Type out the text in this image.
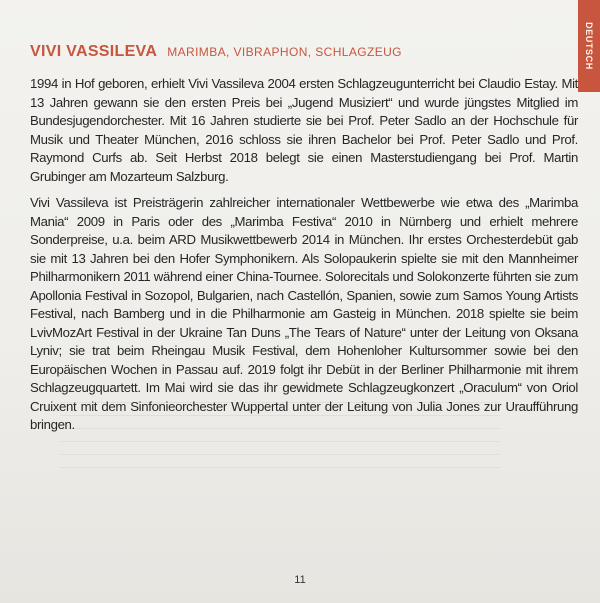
DEUTSCH
VIVI VASSILEVA MARIMBA, VIBRAPHON, SCHLAGZEUG

1994 in Hof geboren, erhielt Vivi Vassileva 2004 ersten Schlagzeugunterricht bei Claudio Estay. Mit 13 Jahren gewann sie den ersten Preis bei „Jugend Musiziert“ und wurde jüngstes Mitglied im Bundesjugendorchester. Mit 16 Jahren studierte sie bei Prof. Peter Sadlo an der Hochschule für Musik und Theater München, 2016 schloss sie ihren Bachelor bei Prof. Peter Sadlo und Prof. Raymond Curfs ab. Seit Herbst 2018 belegt sie einen Masterstudiengang bei Prof. Martin Grubinger am Mozarteum Salzburg.

Vivi Vassileva ist Preisträgerin zahlreicher internationaler Wettbewerbe wie etwa des „Marimba Mania“ 2009 in Paris oder des „Marimba Festiva“ 2010 in Nürnberg und erhielt mehrere Sonderpreise, u.a. beim ARD Musikwettbewerb 2014 in München. Ihr erstes Orchesterdebüt gab sie mit 13 Jahren bei den Hofer Symphonikern. Als Solopaukerin spielte sie mit den Mannheimer Philharmonikern 2011 während einer China-Tournee. Solorecitals und Solokonzerte führten sie zum Apollonia Festival in Sozopol, Bulgarien, nach Castellón, Spanien, sowie zum Samos Young Artists Festival, nach Bamberg und in die Philharmonie am Gasteig in München. 2018 spielte sie beim LvivMozArt Festival in der Ukraine Tan Duns „The Tears of Nature“ unter der Leitung von Oksana Lyniv; sie trat beim Rheingau Musik Festival, dem Hohenloher Kultursommer sowie bei den Europäischen Wochen in Passau auf. 2019 folgt ihr Debüt in der Berliner Philharmonie mit ihrem Schlagzeugquartett. Im Mai wird sie das ihr gewidmete Schlagzeugkonzert „Oraculum“ von Oriol Cruixent mit dem Sinfonieorchester Wuppertal unter der Leitung von Julia Jones zur Uraufführung bringen.

11
